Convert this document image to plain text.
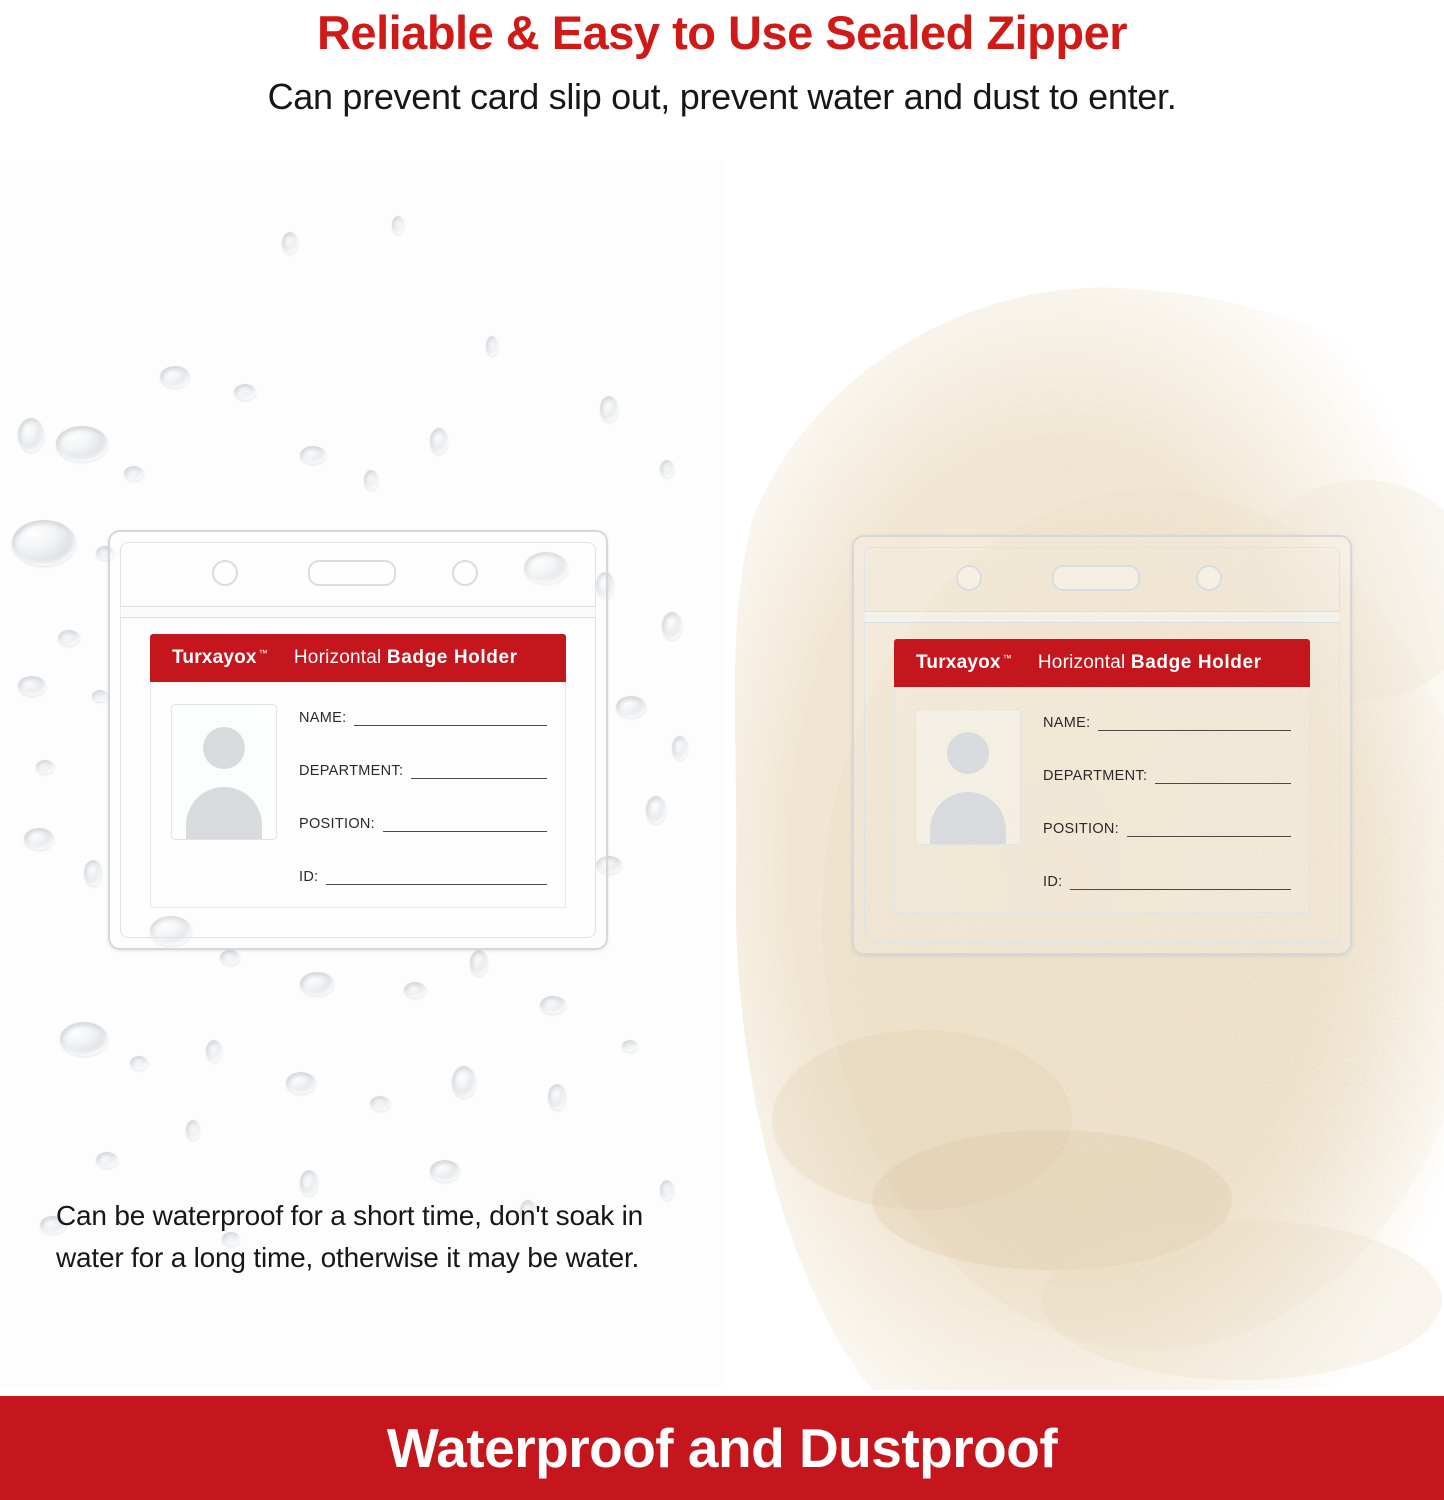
Reliable & Easy to Use Sealed Zipper

Can prevent card slip out, prevent water and dust to enter.

Turxayox ™ Horizontal Badge Holder
NAME:
DEPARTMENT:
POSITION:
ID:
Can be waterproof for a short time, don't soak in water for a long time, otherwise it may be water.
Turxayox ™ Horizontal Badge Holder
NAME:
DEPARTMENT:
POSITION:
ID:
Waterproof and Dustproof
